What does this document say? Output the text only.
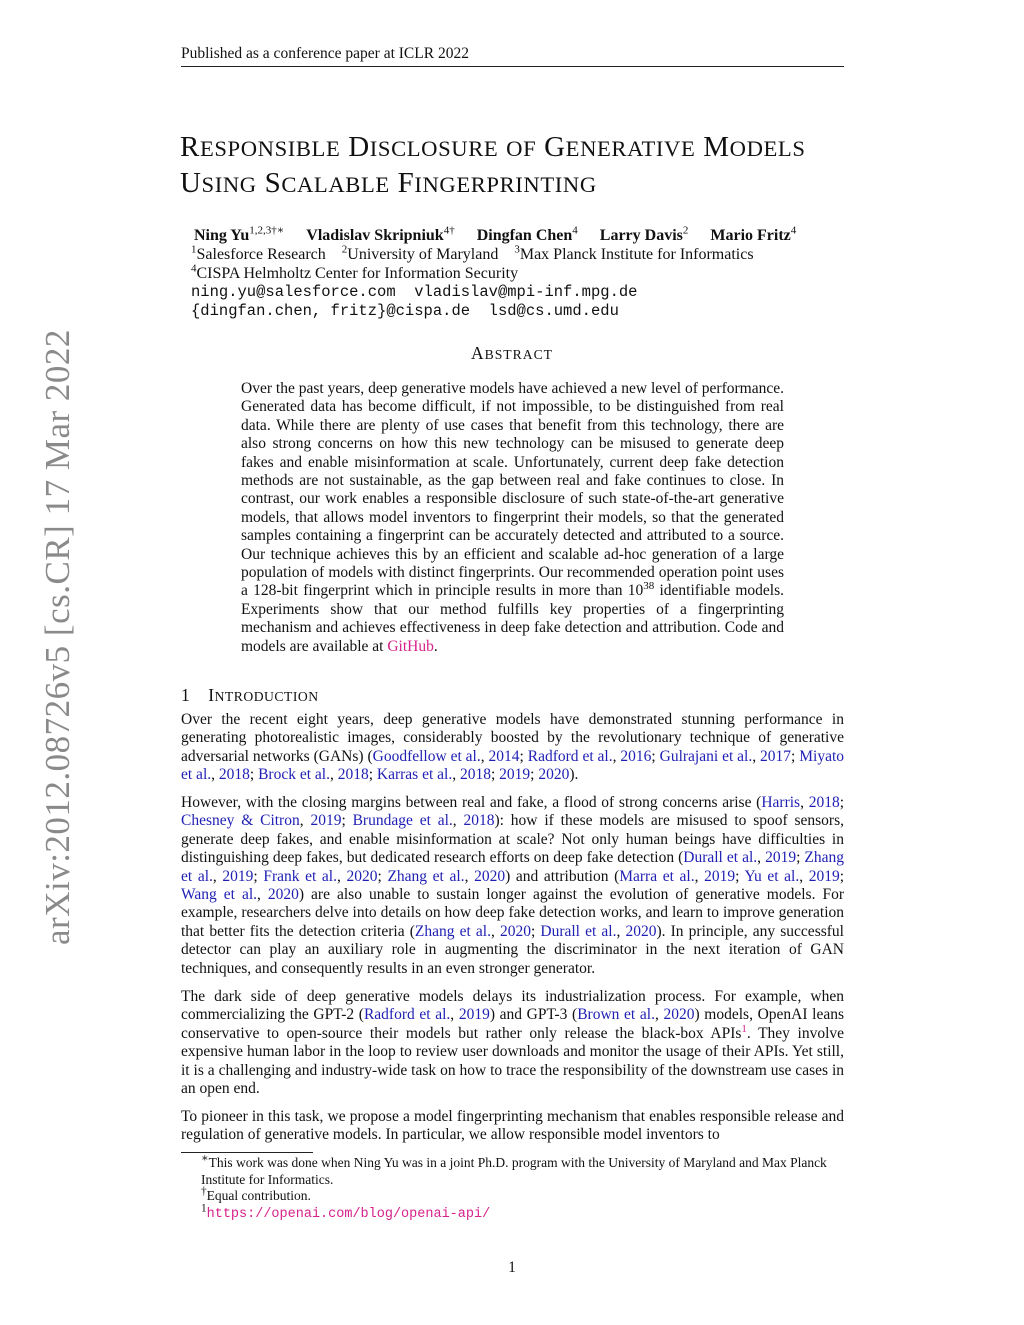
Published as a conference paper at ICLR 2022
arXiv:2012.08726v5 [cs.CR] 17 Mar 2022
RESPONSIBLE DISCLOSURE OF GENERATIVE MODELS
USING SCALABLE FINGERPRINTING
Ning $Yu^{1,2,3\dagger∗}$ Vladislav Skripniuk$^{4\dagger}$ Dingfan Chen$^4$ Larry Davis$^2$ Mario Fritz$^4$
$^1$Salesforce Research $^2$University of Maryland $^3$Max Planck Institute for Informatics
$^4$CISPA Helmholtz Center for Information Security
ning.yu@salesforce.com  vladislav@mpi-inf.mpg.de
{dingfan.chen, fritz}@cispa.de  lsd@cs.umd.edu
ABSTRACT
Over the past years, deep generative models have achieved a new level of performance. Generated data has become difficult, if not impossible, to be distinguished from real data. While there are plenty of use cases that benefit from this technology, there are also strong concerns on how this new technology can be misused to generate deep fakes and enable misinformation at scale. Unfortunately, current deep fake detection methods are not sustainable, as the gap between real and fake continues to close. In contrast, our work enables a responsible disclosure of such state-of-the-art generative models, that allows model inventors to fingerprint their models, so that the generated samples containing a fingerprint can be accurately detected and attributed to a source. Our technique achieves this by an efficient and scalable ad-hoc generation of a large population of models with distinct fingerprints. Our recommended operation point uses a 128-bit fingerprint which in principle results in more than $10^{38}$ identifiable models. Experiments show that our method fulfills key properties of a fingerprinting mechanism and achieves effectiveness in deep fake detection and attribution. Code and models are available at GitHub.
1 INTRODUCTION
Over the recent eight years, deep generative models have demonstrated stunning performance in generating photorealistic images, considerably boosted by the revolutionary technique of generative adversarial networks (GANs) (Goodfellow et al., 2014; Radford et al., 2016; Gulrajani et al., 2017; Miyato et al., 2018; Brock et al., 2018; Karras et al., 2018; 2019; 2020).
However, with the closing margins between real and fake, a flood of strong concerns arise (Harris, 2018; Chesney & Citron, 2019; Brundage et al., 2018): how if these models are misused to spoof sensors, generate deep fakes, and enable misinformation at scale? Not only human beings have difficulties in distinguishing deep fakes, but dedicated research efforts on deep fake detection (Durall et al., 2019; Zhang et al., 2019; Frank et al., 2020; Zhang et al., 2020) and attribution (Marra et al., 2019; Yu et al., 2019; Wang et al., 2020) are also unable to sustain longer against the evolution of generative models. For example, researchers delve into details on how deep fake detection works, and learn to improve generation that better fits the detection criteria (Zhang et al., 2020; Durall et al., 2020). In principle, any successful detector can play an auxiliary role in augmenting the discriminator in the next iteration of GAN techniques, and consequently results in an even stronger generator.
The dark side of deep generative models delays its industrialization process. For example, when commercializing the GPT-2 (Radford et al., 2019) and GPT-3 (Brown et al., 2020) models, OpenAI leans conservative to open-source their models but rather only release the black-box APIs$^1$. They involve expensive human labor in the loop to review user downloads and monitor the usage of their APIs. Yet still, it is a challenging and industry-wide task on how to trace the responsibility of the downstream use cases in an open end.
To pioneer in this task, we propose a model fingerprinting mechanism that enables responsible release and regulation of generative models. In particular, we allow responsible model inventors to
∗This work was done when Ning Yu was in a joint Ph.D. program with the University of Maryland and Max Planck Institute for Informatics.
†Equal contribution.
$^1$https://openai.com/blog/openai-api/
1
